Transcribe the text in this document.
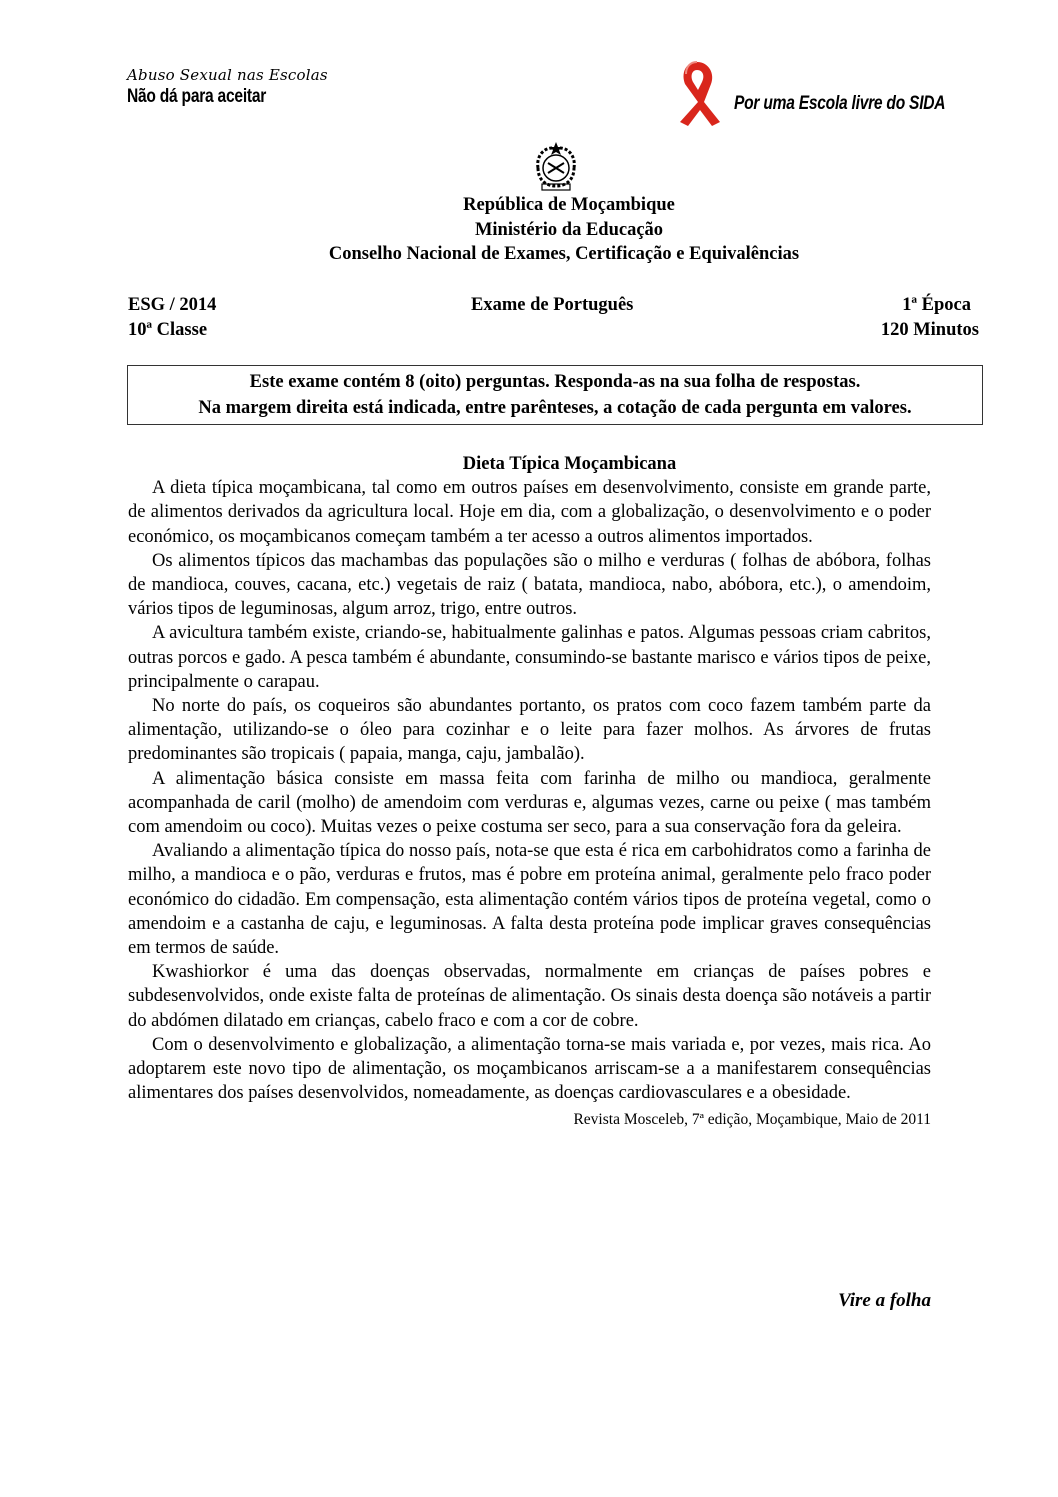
Abuso Sexual nas Escolas
Não dá para aceitar	Por uma Escola livre do SIDA
República de Moçambique
Ministério da Educação
Conselho Nacional de Exames, Certificação e Equivalências
ESG / 2014	Exame de Português	1ª Época
10ª Classe	120 Minutos
Este exame contém 8 (oito) perguntas. Responda-as na sua folha de respostas.
Na margem direita está indicada, entre parênteses, a cotação de cada pergunta em valores.
Dieta Típica Moçambicana

A dieta típica moçambicana, tal como em outros países em desenvolvimento, consiste em grande parte, de alimentos derivados da agricultura local. Hoje em dia, com a globalização, o desenvolvimento e o poder económico, os moçambicanos começam também a ter acesso a outros alimentos importados.

Os alimentos típicos das machambas das populações são o milho e verduras ( folhas de abóbora, folhas de mandioca, couves, cacana, etc.) vegetais de raiz ( batata, mandioca, nabo, abóbora, etc.), o amendoim, vários tipos de leguminosas, algum arroz, trigo, entre outros.

A avicultura também existe, criando-se, habitualmente galinhas e patos. Algumas pessoas criam cabritos, outras porcos e gado. A pesca também é abundante, consumindo-se bastante marisco e vários tipos de peixe, principalmente o carapau.

No norte do país, os coqueiros são abundantes portanto, os pratos com coco fazem também parte da alimentação, utilizando-se o óleo para cozinhar e o leite para fazer molhos. As árvores de frutas predominantes são tropicais ( papaia, manga, caju, jambalão).

A alimentação básica consiste em massa feita com farinha de milho ou mandioca, geralmente acompanhada de caril (molho) de amendoim com verduras e, algumas vezes, carne ou peixe ( mas também com amendoim ou coco). Muitas vezes o peixe costuma ser seco, para a sua conservação fora da geleira.

Avaliando a alimentação típica do nosso país, nota-se que esta é rica em carbohidratos como a farinha de milho, a mandioca e o pão, verduras e frutos, mas é pobre em proteína animal, geralmente pelo fraco poder económico do cidadão. Em compensação, esta alimentação contém vários tipos de proteína vegetal, como o amendoim e a castanha de caju, e leguminosas. A falta desta proteína pode implicar graves consequências em termos de saúde.

Kwashiorkor é uma das doenças observadas, normalmente em crianças de países pobres e subdesenvolvidos, onde existe falta de proteínas de alimentação. Os sinais desta doença são notáveis a partir do abdómen dilatado em crianças, cabelo fraco e com a cor de cobre.

Com o desenvolvimento e globalização, a alimentação torna-se mais variada e, por vezes, mais rica. Ao adoptarem este novo tipo de alimentação, os moçambicanos arriscam-se a a manifestarem consequências alimentares dos países desenvolvidos, nomeadamente, as doenças cardiovasculares e a obesidade.

Revista Mosceleb, 7ª edição, Moçambique, Maio de 2011
Vire a folha
